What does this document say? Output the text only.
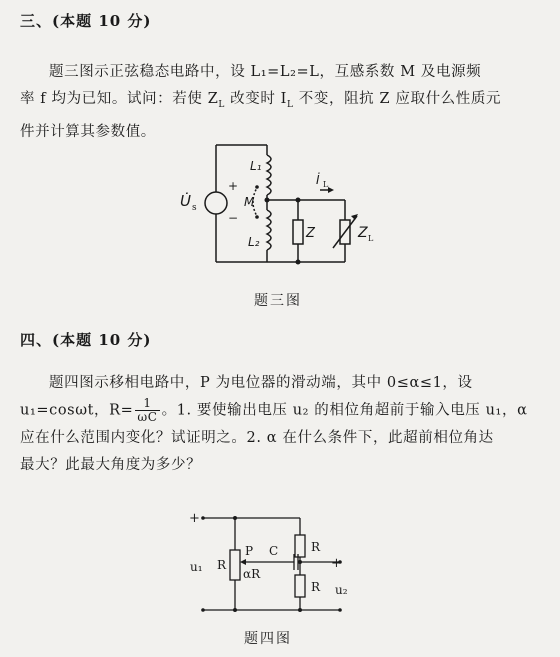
三、(本题 10 分)

题三图示正弦稳态电路中，设 L₁=L₂=L，互感系数 M 及电源频

率 f 均为已知。试问：若使 $Z_L$ 改变时 $I_L$ 不变，阻抗 Z 应取什么性质元

件并计算其参数值。

U̇ s
+
−
L₁
M
L₂
İ L
Z	Z L
题三图
四、(本题 10 分)

题四图示移相电路中，P 为电位器的滑动端，其中 0≤α≤1，设

u₁=cosωt，$R= \frac{1}{\omega C}$ 。1. 要使输出电压 u₂ 的相位角超前于输入电压 u₁，α

应在什么范围内变化？试证明之。2. α 在什么条件下，此超前相位角达

最大？此最大角度为多少？

+
+
u₁
u₂
R
P C	R
R
αR
题四图
